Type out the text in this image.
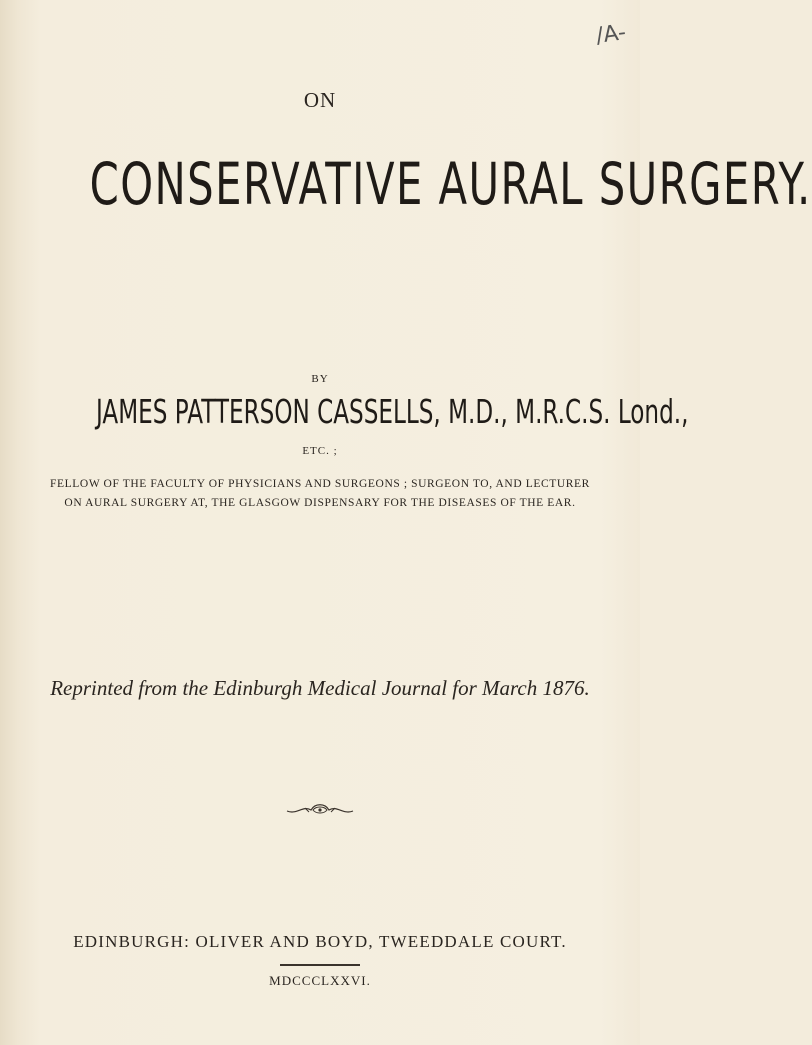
/A-
ON
CONSERVATIVE AURAL SURGERY.
BY
JAMES PATTERSON CASSELLS, M.D., M.R.C.S. Lond.,
ETC. ;
FELLOW OF THE FACULTY OF PHYSICIANS AND SURGEONS ; SURGEON TO, AND LECTURER
ON AURAL SURGERY AT, THE GLASGOW DISPENSARY FOR THE DISEASES OF THE EAR.
Reprinted from the Edinburgh Medical Journal for March 1876.
EDINBURGH: OLIVER AND BOYD, TWEEDDALE COURT.
MDCCCLXXVI.
